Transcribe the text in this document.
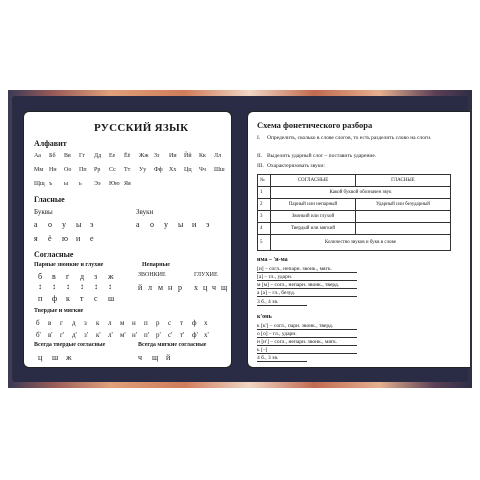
РУССКИЙ ЯЗЫК
Алфавит
Аа	Бб	Вв	Гг	Дд	Ее	Ёё	Жж Зз	Ии	Йй	Кк	Лл
Мм Нн	Оо	Пп	Рр	Сс	Тт	Уу	Фф	Хх	Цц	Чч	Шш
Щщ ъ	ы	ь	Ээ	Юю Яя
Гласные
Буквы	Звуки
а	о	у	ы	э	а	о	у	ы	и	э
я	ё	ю	и	е
Согласные
Парные звонкие и глухие	Непарные
б	в	г	д	з	ж
↕	↕	↕	↕	↕	↕
п	ф	к	т	с	ш
ЗВОНКИЕ	ГЛУХИЕ
й л м н р	х ц ч щ
Твердые и мягкие
б	в	г	д	з	к	л	м	н	п	р	с	т	ф	х
б'	в'	г'	д'	з'	к'	л'	м' н' п' р'	с'	т'	ф' х'
Всегда твердые согласные	Всегда мягкие согласные
ц	ш ж	ч	щ й
Схема фонетического разбора
I.	Определить, сколько в слове слогов, то есть разделить слово на слоги.
II. Выделить ударный слог – поставить ударение.
III. Охарактеризовать звуки:
№	СОГЛАСНЫЕ	ГЛАСНЫЕ
1	Какой буквой обозначен звук	
2	Парный или непарный	Ударный или безударный
3	Звонкий или глухой	
4	Твердый или мягкий	
5	Количество звуков и букв в слове	
има – 'и-ма
[и] – согл., непарн. звонк., мягк.
[а] – гл., ударн.
м [м] – согл., непарн. звонк., тверд.
а [а] – гл., безуд.
3 б., 4 зв.
к'онь
к [к'] – согл., парн. звонк., тверд.
о [о] – гл., ударн.
н [н'] – согл., непарн. звонк., мягк.
ь [–]
4 б., 3 зв.
